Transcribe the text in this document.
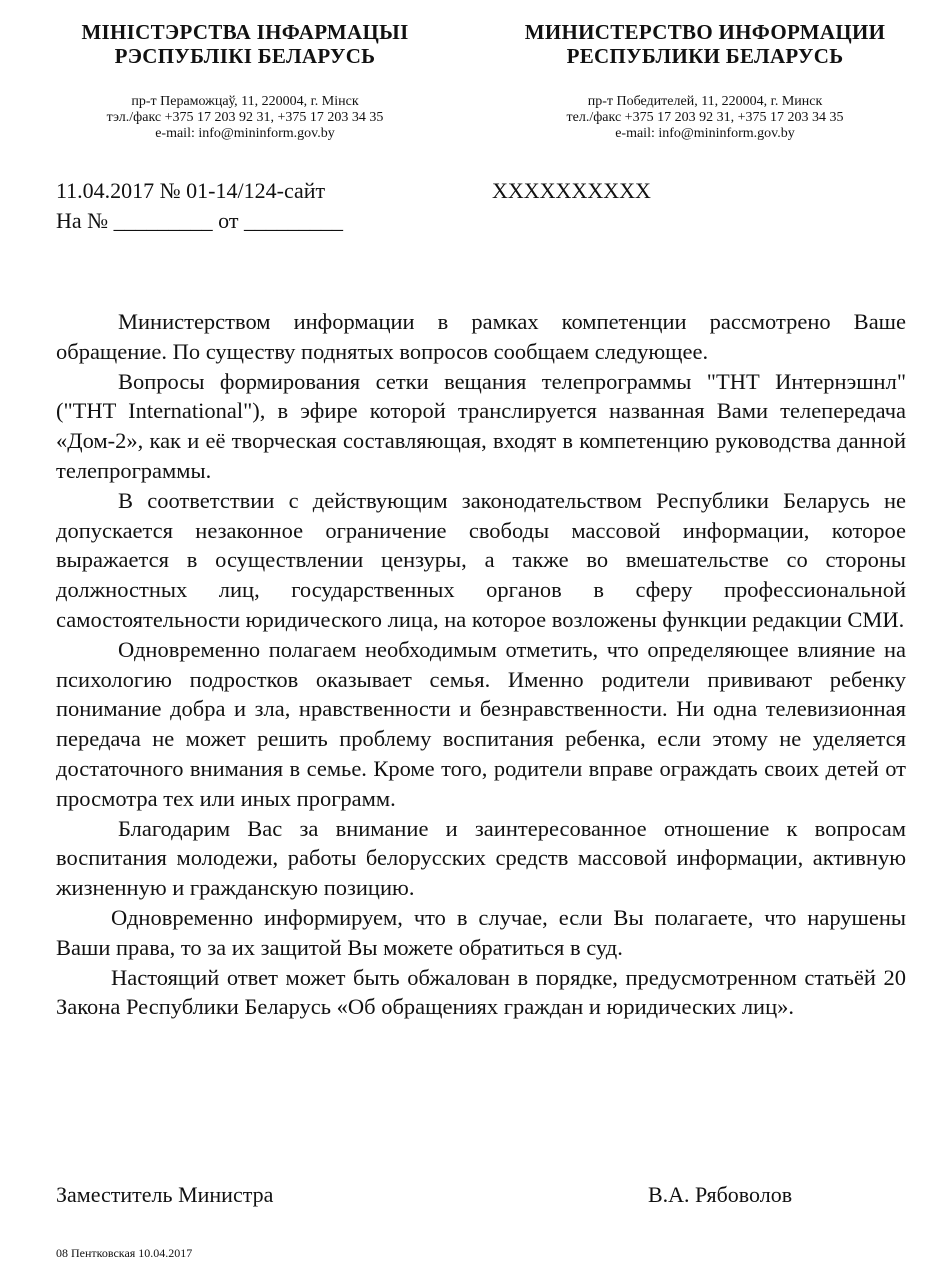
МІНІСТЭРСТВА ІНФАРМАЦЫІ
РЭСПУБЛІКІ БЕЛАРУСЬ
пр-т Пераможцаў, 11, 220004, г. Мінск
тэл./факс +375 17 203 92 31, +375 17 203 34 35
e-mail: info@mininform.gov.by
МИНИСТЕРСТВО ИНФОРМАЦИИ
РЕСПУБЛИКИ БЕЛАРУСЬ
пр-т Победителей, 11, 220004, г. Минск
тел./факс +375 17 203 92 31, +375 17 203 34 35
e-mail: info@mininform.gov.by
11.04.2017 № 01-14/124-сайт
На № _________ от _________
XXXXXXXXXX

Министерством информации в рамках компетенции рассмотрено Ваше обращение. По существу поднятых вопросов сообщаем следующее.

Вопросы формирования сетки вещания телепрограммы "ТНТ Интернэшнл" ("THT International"), в эфире которой транслируется названная Вами телепередача «Дом-2», как и её творческая составляющая, входят в компетенцию руководства данной телепрограммы.

В соответствии с действующим законодательством Республики Беларусь не допускается незаконное ограничение свободы массовой информации, которое выражается в осуществлении цензуры, а также во вмешательстве со стороны должностных лиц, государственных органов в сферу профессиональной самостоятельности юридического лица, на которое возложены функции редакции СМИ.

Одновременно полагаем необходимым отметить, что определяющее влияние на психологию подростков оказывает семья. Именно родители прививают ребенку понимание добра и зла, нравственности и безнравственности. Ни одна телевизионная передача не может решить проблему воспитания ребенка, если этому не уделяется достаточного внимания в семье. Кроме того, родители вправе ограждать своих детей от просмотра тех или иных программ.

Благодарим Вас за внимание и заинтересованное отношение к вопросам воспитания молодежи, работы белорусских средств массовой информации, активную жизненную и гражданскую позицию.

Одновременно информируем, что в случае, если Вы полагаете, что нарушены Ваши права, то за их защитой Вы можете обратиться в суд.

Настоящий ответ может быть обжалован в порядке, предусмотренном статьёй 20 Закона Республики Беларусь «Об обращениях граждан и юридических лиц».

Заместитель Министра	В.А. Рябоволов
08 Пентковская 10.04.2017
